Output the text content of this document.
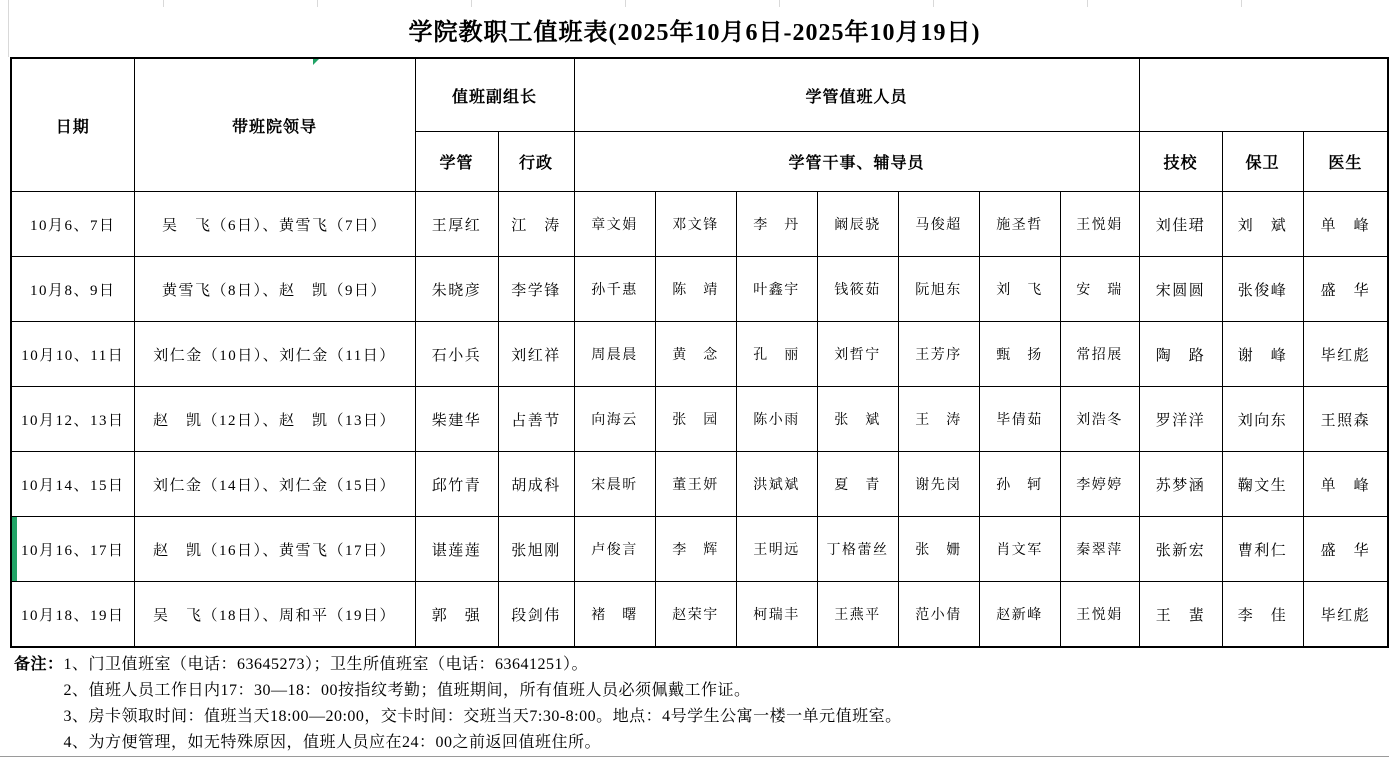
学院教职工值班表(2025年10月6日-2025年10月19日)
日期	带班院领导	值班副组长		学管值班人员									
		学管	行政	学管干事、辅导员							技校	保卫	医生
10月6、7日	吴　飞（6日）、黄雪飞（7日）	王厚红	江　涛	章文娟	邓文锋	李　丹	阚辰骁	马俊超	施圣哲	王悦娟	刘佳珺	刘　斌	单　峰
10月8、9日	黄雪飞（8日）、赵　凯（9日）	朱晓彦	李学锋	孙千惠	陈　靖	叶鑫宇	钱筱茹	阮旭东	刘　飞	安　瑞	宋圆圆	张俊峰	盛　华
10月10、11日	刘仁金（10日）、刘仁金（11日）	石小兵	刘红祥	周晨晨	黄　念	孔　丽	刘哲宁	王芳序	甄　扬	常招展	陶　路	谢　峰	毕红彪
10月12、13日	赵　凯（12日）、赵　凯（13日）	柴建华	占善节	向海云	张　园	陈小雨	张　斌	王　涛	毕倩茹	刘浩冬	罗洋洋	刘向东	王照森
10月14、15日	刘仁金（14日）、刘仁金（15日）	邱竹青	胡成科	宋晨昕	董王妍	洪斌斌	夏　青	谢先岗	孙　轲	李婷婷	苏梦涵	鞠文生	单　峰
10月16、17日	赵　凯（16日）、黄雪飞（17日）	谌莲莲	张旭刚	卢俊言	李　辉	王明远	丁格蕾丝	张　姗	肖文军	秦翠萍	张新宏	曹利仁	盛　华
10月18、19日	吴　飞（18日）、周和平（19日）	郭　强	段剑伟	褚　曙	赵荣宇	柯瑞丰	王燕平	范小倩	赵新峰	王悦娟	王　蜚	李　佳	毕红彪
备注： 1、门卫值班室（电话：63645273）；卫生所值班室（电话：63641251）。
2、值班人员工作日内17：30—18：00按指纹考勤；值班期间，所有值班人员必须佩戴工作证。
3、房卡领取时间：值班当天18:00—20:00，交卡时间：交班当天7:30-8:00。地点：4号学生公寓一楼一单元值班室。
4、为方便管理，如无特殊原因，值班人员应在24：00之前返回值班住所。
